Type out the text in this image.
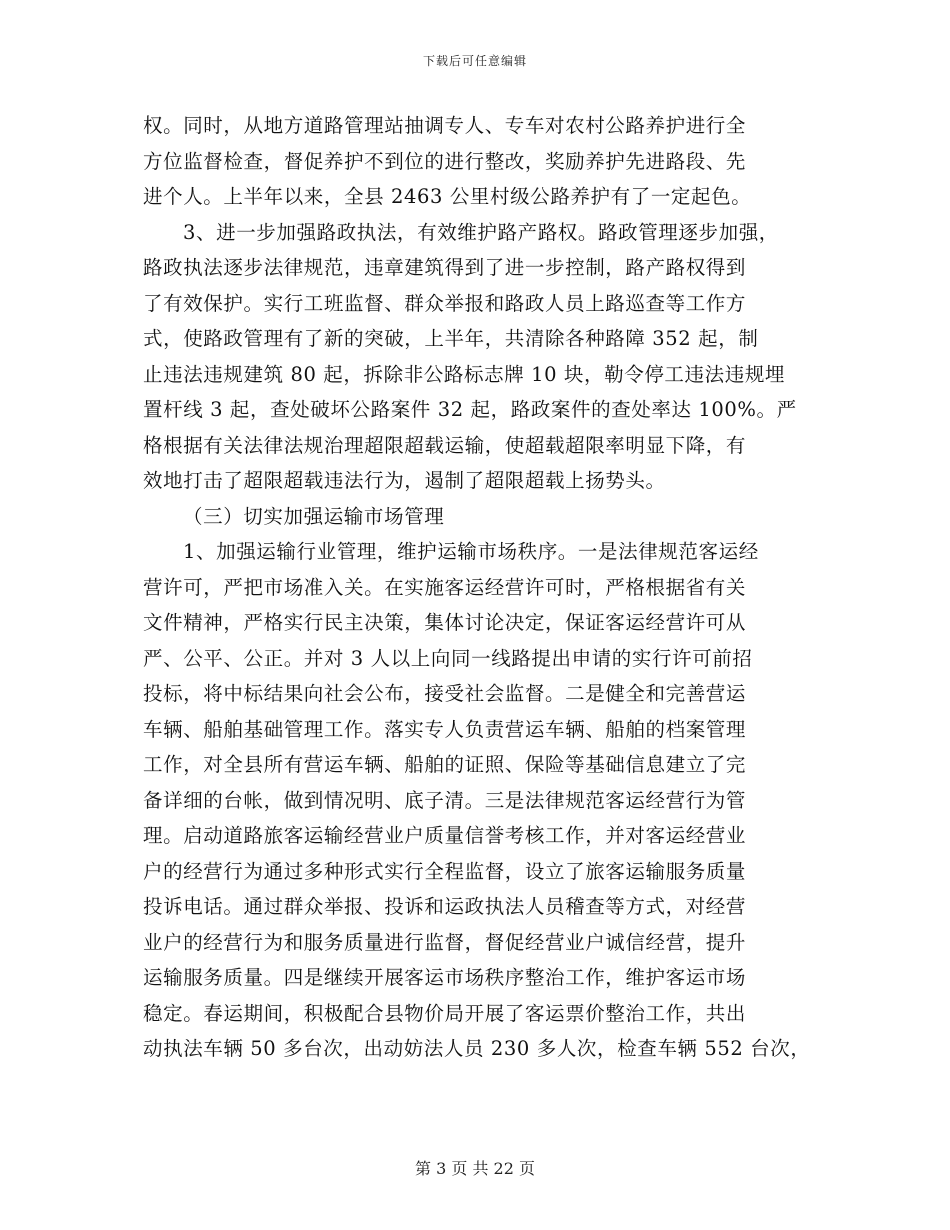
下载后可任意编辑
权。同时，从地方道路管理站抽调专人、专车对农村公路养护进行全
方位监督检查，督促养护不到位的进行整改，奖励养护先进路段、先
进个人。上半年以来，全县 2463 公里村级公路养护有了一定起色。
3、进一步加强路政执法，有效维护路产路权。路政管理逐步加强，
路政执法逐步法律规范，违章建筑得到了进一步控制，路产路权得到
了有效保护。实行工班监督、群众举报和路政人员上路巡查等工作方
式，使路政管理有了新的突破，上半年，共清除各种路障 352 起，制
止违法违规建筑 80 起，拆除非公路标志牌 10 块，勒令停工违法违规埋
置杆线 3 起，查处破坏公路案件 32 起，路政案件的查处率达 100%。严
格根据有关法律法规治理超限超载运输，使超载超限率明显下降，有
效地打击了超限超载违法行为，遏制了超限超载上扬势头。
（三）切实加强运输市场管理
1、加强运输行业管理，维护运输市场秩序。一是法律规范客运经
营许可，严把市场准入关。在实施客运经营许可时，严格根据省有关
文件精神，严格实行民主决策，集体讨论决定，保证客运经营许可从
严、公平、公正。并对 3 人以上向同一线路提出申请的实行许可前招
投标，将中标结果向社会公布，接受社会监督。二是健全和完善营运
车辆、船舶基础管理工作。落实专人负责营运车辆、船舶的档案管理
工作，对全县所有营运车辆、船舶的证照、保险等基础信息建立了完
备详细的台帐，做到情况明、底子清。三是法律规范客运经营行为管
理。启动道路旅客运输经营业户质量信誉考核工作，并对客运经营业
户的经营行为通过多种形式实行全程监督，设立了旅客运输服务质量
投诉电话。通过群众举报、投诉和运政执法人员稽查等方式，对经营
业户的经营行为和服务质量进行监督，督促经营业户诚信经营，提升
运输服务质量。四是继续开展客运市场秩序整治工作，维护客运市场
稳定。春运期间，积极配合县物价局开展了客运票价整治工作，共出
动执法车辆 50 多台次，出动妨法人员 230 多人次，检查车辆 552 台次，
第 3 页 共 22 页
